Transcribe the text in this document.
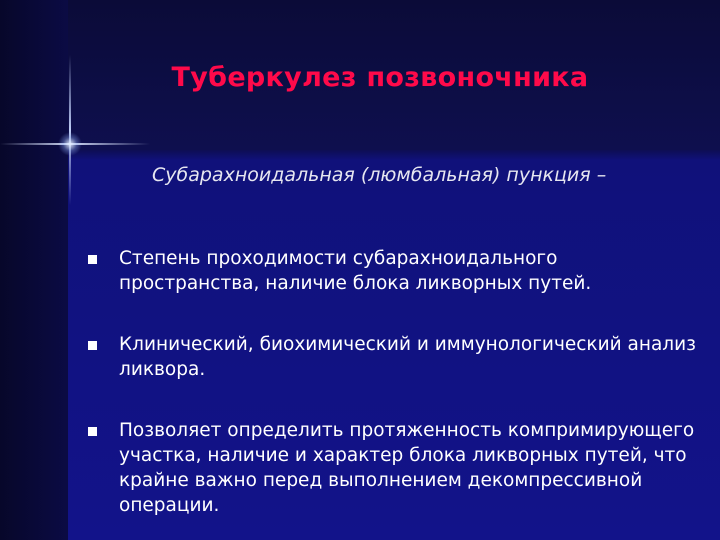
Туберкулез позвоночника
Субарахноидальная (люмбальная) пункция –
Степень проходимости субарахноидального пространства, наличие блока ликворных путей.
Клинический, биохимический и иммунологический анализ ликвора.
Позволяет определить протяженность компримирующего участка, наличие и характер блока ликворных путей, что крайне важно перед выполнением декомпрессивной операции.
